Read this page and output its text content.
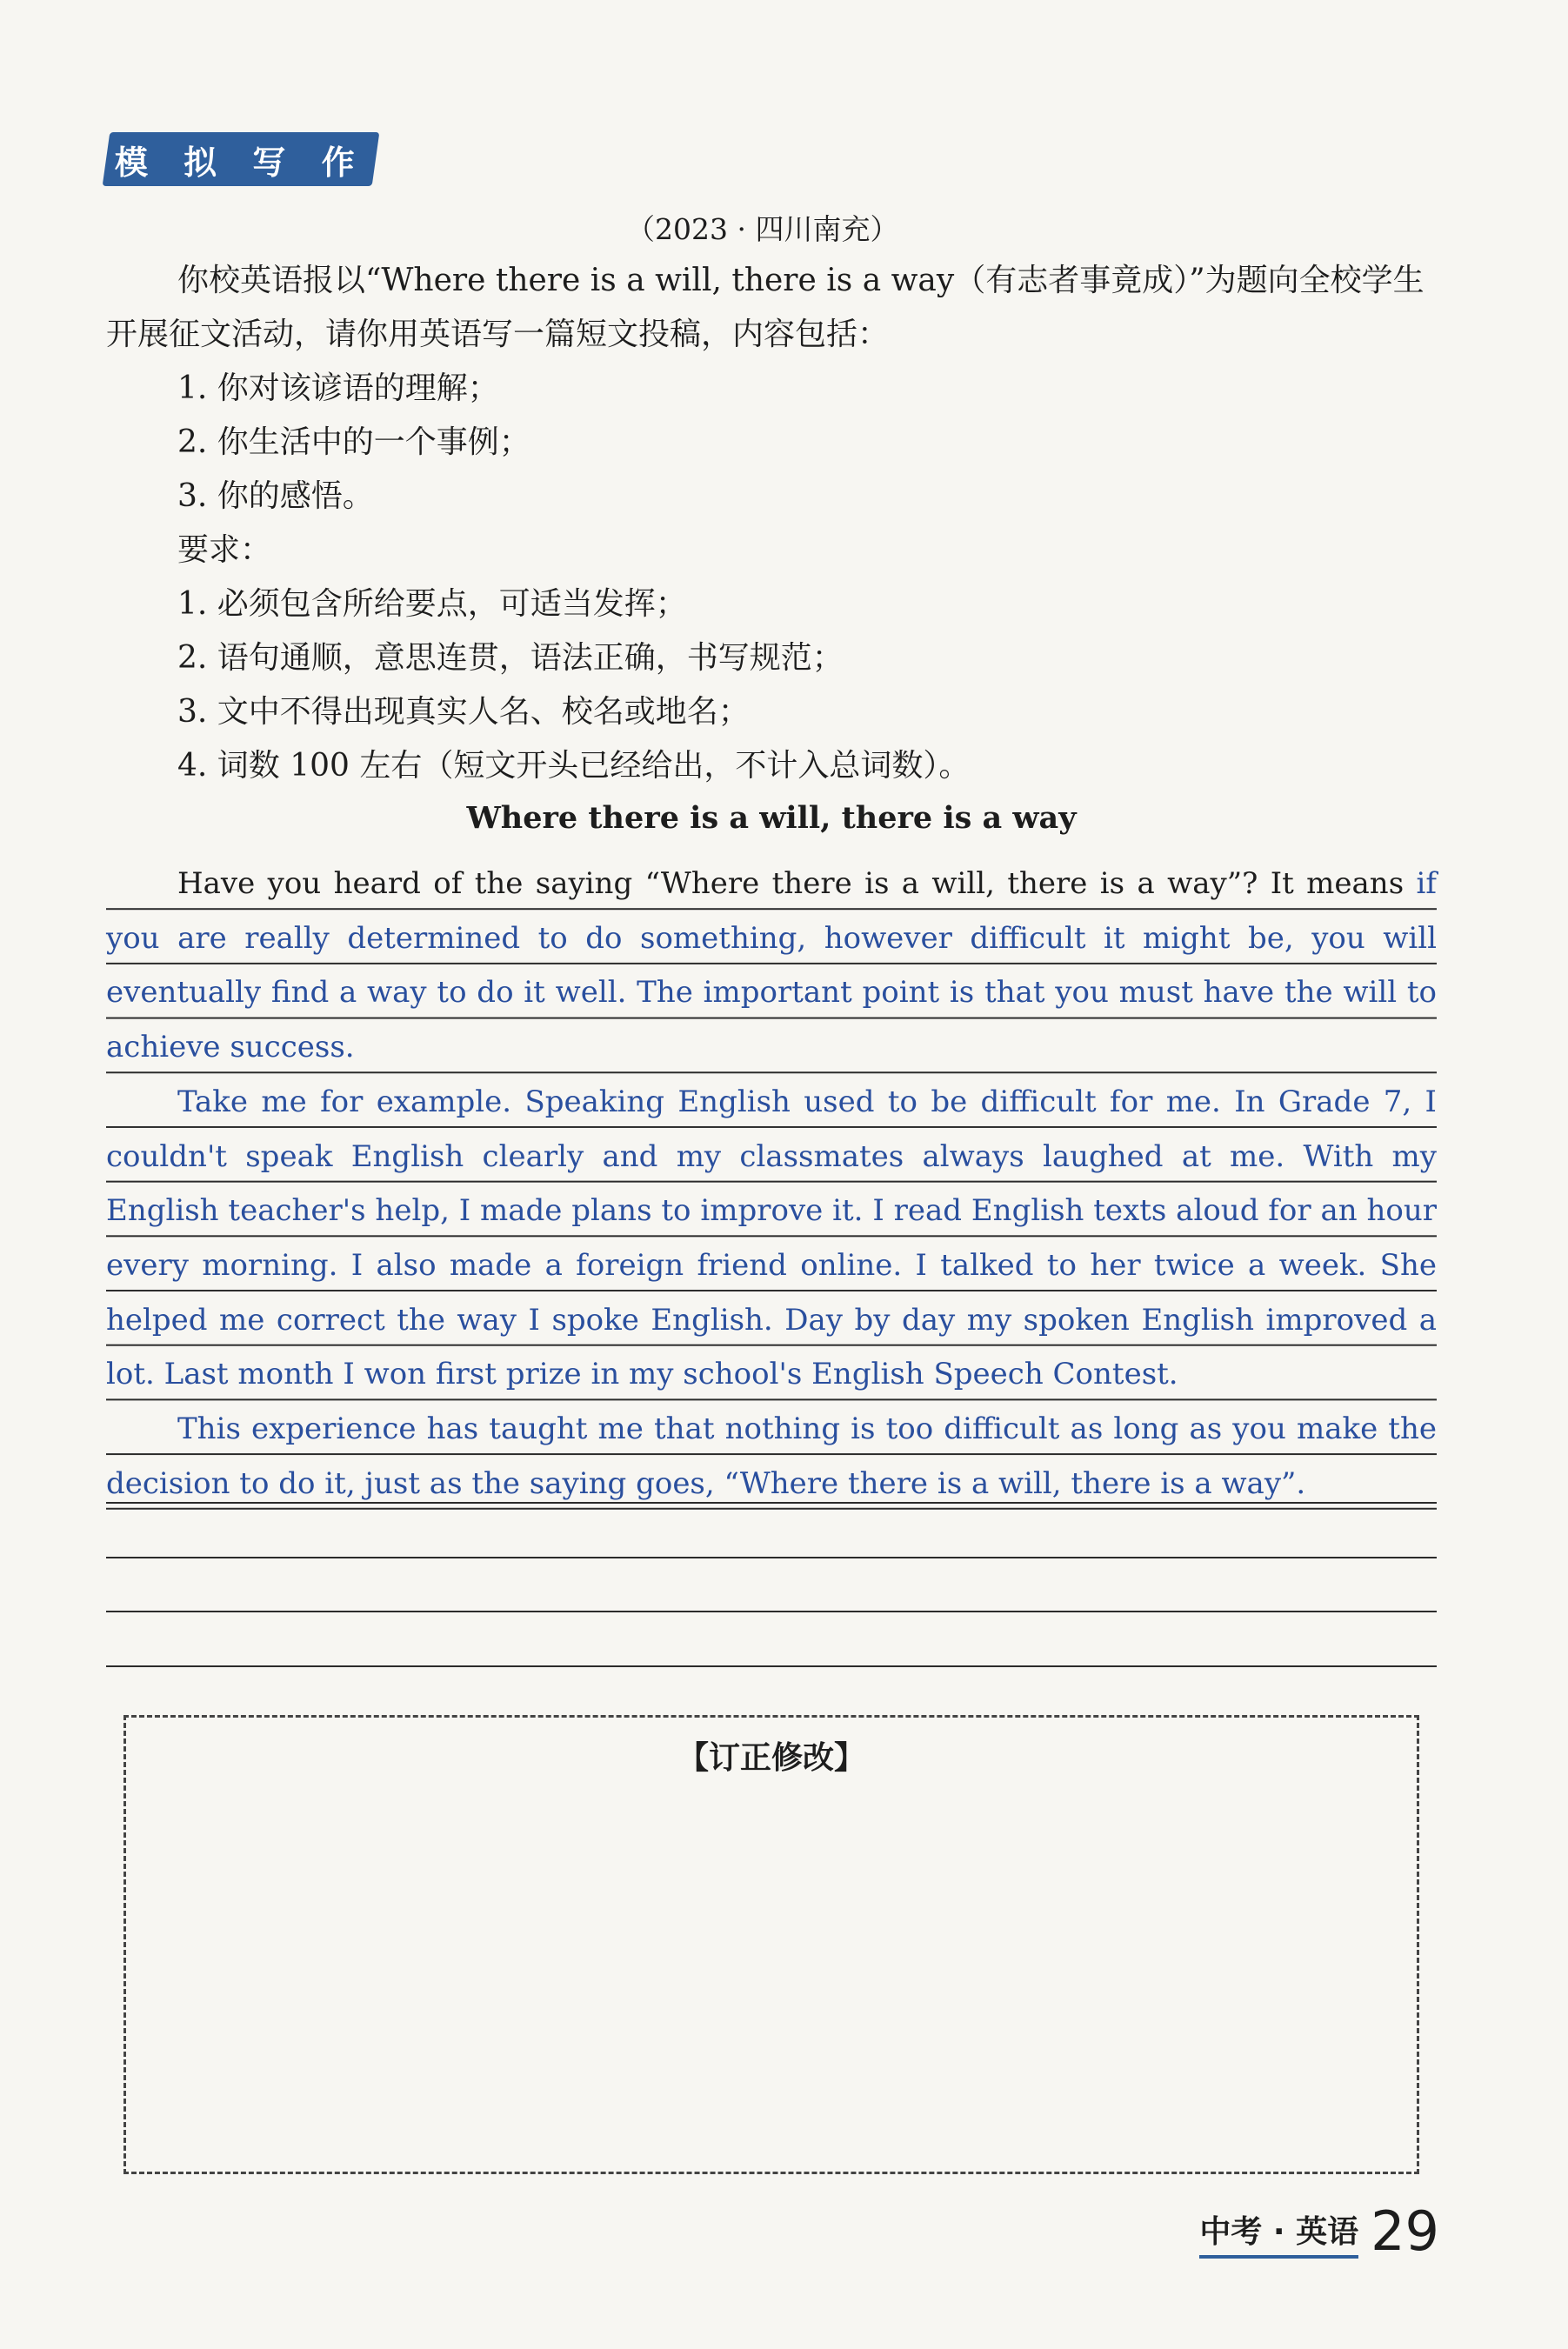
模 拟 写 作
（2023 · 四川南充）
你校英语报以“Where there is a will, there is a way（有志者事竟成）”为题向全校学生开展征文活动，请你用英语写一篇短文投稿，内容包括：
1. 你对该谚语的理解；
2. 你生活中的一个事例；
3. 你的感悟。
要求：
1. 必须包含所给要点，可适当发挥；
2. 语句通顺，意思连贯，语法正确，书写规范；
3. 文中不得出现真实人名、校名或地名；
4. 词数 100 左右（短文开头已经给出，不计入总词数）。
Where there is a will, there is a way

Have you heard of the saying “Where there is a will, there is a way”? It means if you are really determined to do something, however difficult it might be, you will eventually find a way to do it well. The important point is that you must have the will to achieve success.

Take me for example. Speaking English used to be difficult for me. In Grade 7, I couldn't speak English clearly and my classmates always laughed at me. With my English teacher's help, I made plans to improve it. I read English texts aloud for an hour every morning. I also made a foreign friend online. I talked to her twice a week. She helped me correct the way I spoke English. Day by day my spoken English improved a lot. Last month I won first prize in my school's English Speech Contest.

This experience has taught me that nothing is too difficult as long as you make the decision to do it, just as the saying goes, “Where there is a will, there is a way”.

【订正修改】
中考 · 英语 29
